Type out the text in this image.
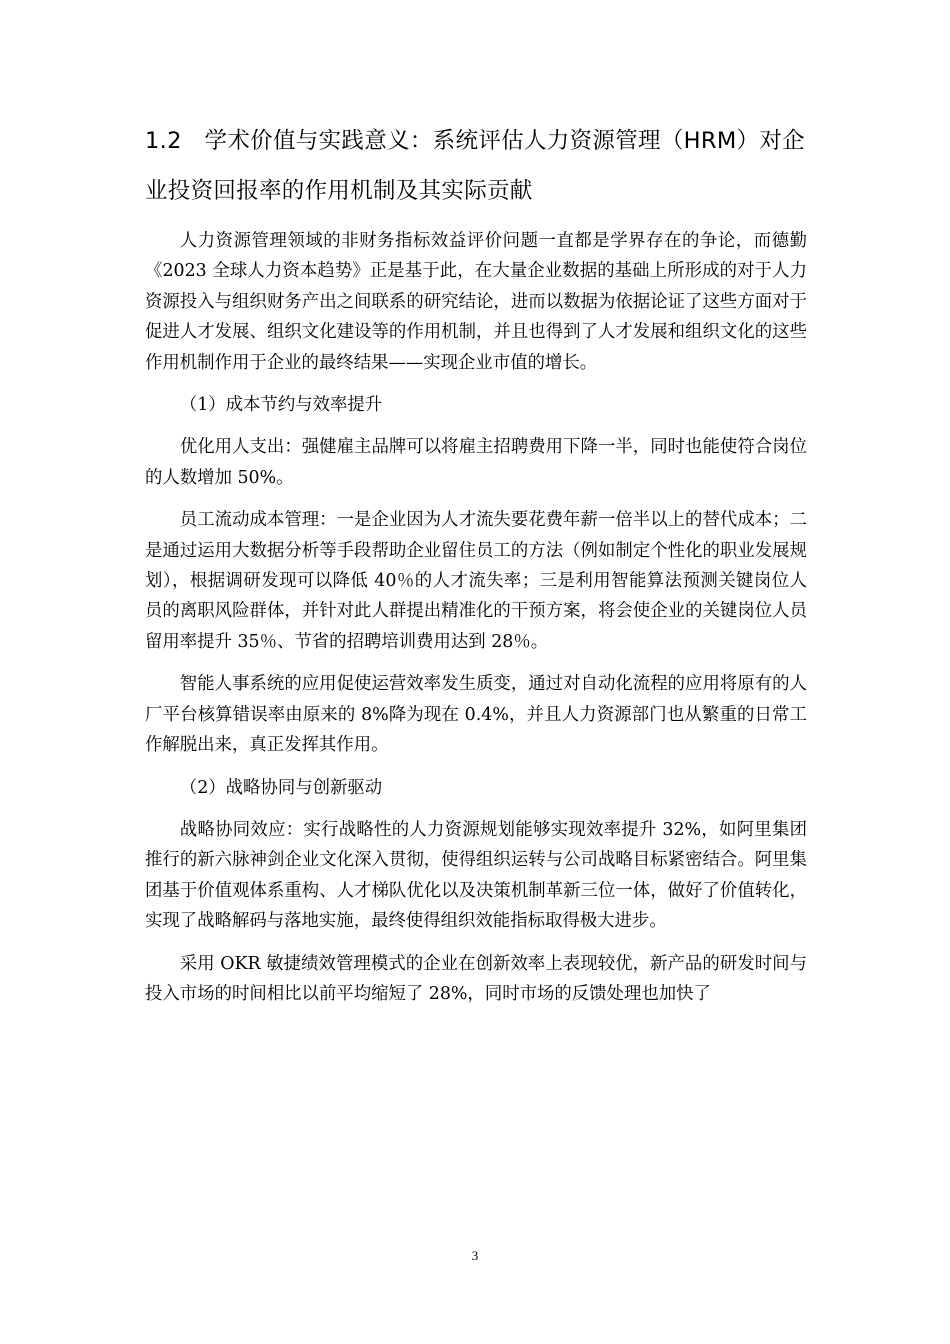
1.2　学术价值与实践意义：系统评估人力资源管理（HRM）对企业投资回报率的作用机制及其实际贡献

人力资源管理领域的非财务指标效益评价问题一直都是学界存在的争论，而德勤《2023 全球人力资本趋势》正是基于此，在大量企业数据的基础上所形成的对于人力资源投入与组织财务产出之间联系的研究结论，进而以数据为依据论证了这些方面对于促进人才发展、组织文化建设等的作用机制，并且也得到了人才发展和组织文化的这些作用机制作用于企业的最终结果——实现企业市值的增长。

（1）成本节约与效率提升

优化用人支出：强健雇主品牌可以将雇主招聘费用下降一半，同时也能使符合岗位的人数增加 50%。

员工流动成本管理：一是企业因为人才流失要花费年薪一倍半以上的替代成本；二是通过运用大数据分析等手段帮助企业留住员工的方法（例如制定个性化的职业发展规划），根据调研发现可以降低 40％的人才流失率；三是利用智能算法预测关键岗位人员的离职风险群体，并针对此人群提出精准化的干预方案，将会使企业的关键岗位人员留用率提升 35％、节省的招聘培训费用达到 28％。

智能人事系统的应用促使运营效率发生质变，通过对自动化流程的应用将原有的人厂平台核算错误率由原来的 8%降为现在 0.4%，并且人力资源部门也从繁重的日常工作解脱出来，真正发挥其作用。

（2）战略协同与创新驱动

战略协同效应：实行战略性的人力资源规划能够实现效率提升 32%，如阿里集团推行的新六脉神剑企业文化深入贯彻，使得组织运转与公司战略目标紧密结合。阿里集团基于价值观体系重构、人才梯队优化以及决策机制革新三位一体，做好了价值转化，实现了战略解码与落地实施，最终使得组织效能指标取得极大进步。

采用 OKR 敏捷绩效管理模式的企业在创新效率上表现较优，新产品的研发时间与投入市场的时间相比以前平均缩短了 28%，同时市场的反馈处理也加快了

3
